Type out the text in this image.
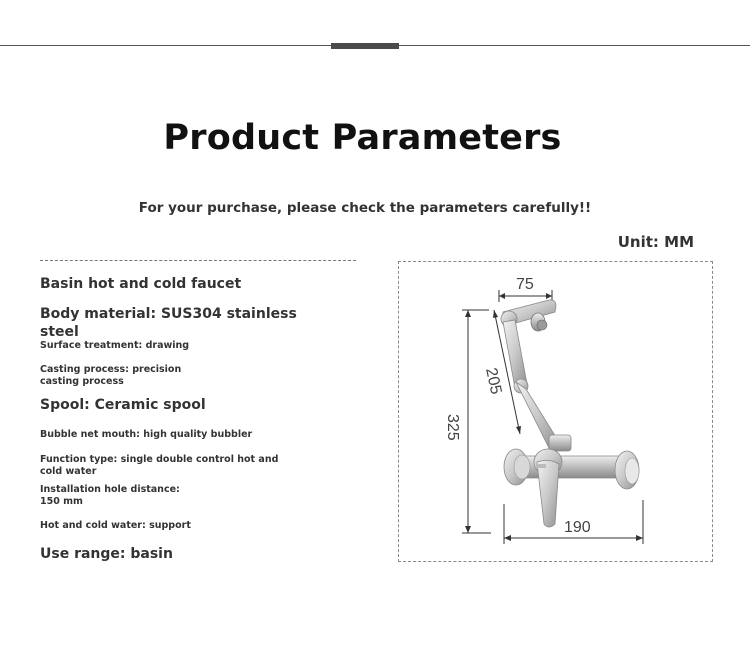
Product Parameters
For your purchase, please check the parameters carefully!!
Unit: MM
Basin hot and cold faucet
Body material: SUS304 stainless steel
Surface treatment: drawing
Casting process: precision casting process
Spool: Ceramic spool
Bubble net mouth: high quality bubbler
Function type: single double control hot and cold water
Installation hole distance: 150 mm
Hot and cold water: support
Use range: basin
75
325
205
190
